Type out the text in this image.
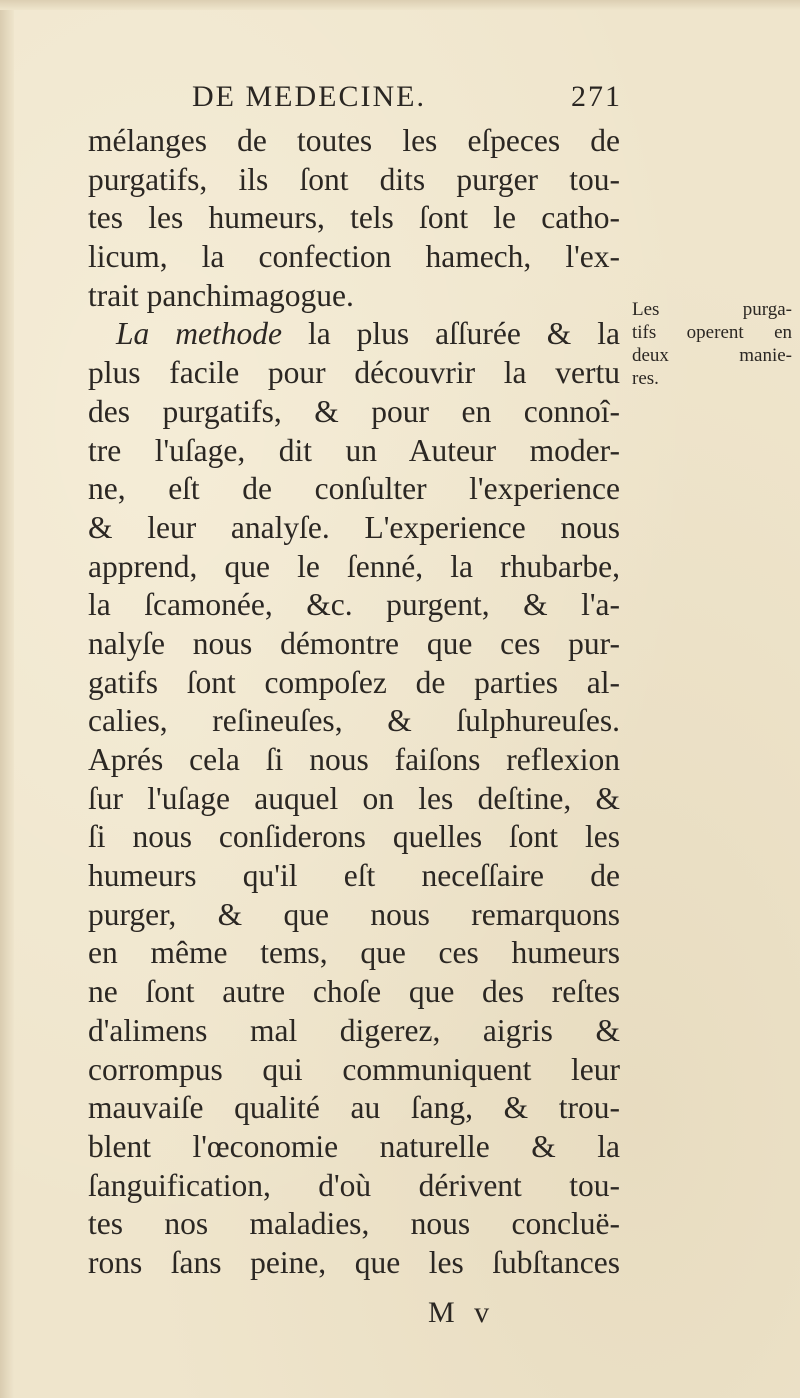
DE MEDECINE.	271
mélanges de toutes les eſpeces de
purgatifs, ils ſont dits purger tou-
tes les humeurs, tels ſont le catho-
licum, la confection hamech, l'ex-
trait panchimagogue.
La methode la plus aſſurée & la
plus facile pour découvrir la vertu
des purgatifs, & pour en connoî-
tre l'uſage, dit un Auteur moder-
ne, eſt de conſulter l'experience
& leur analyſe. L'experience nous
apprend, que le ſenné, la rhubarbe,
la ſcamonée, &c. purgent, & l'a-
nalyſe nous démontre que ces pur-
gatifs ſont compoſez de parties al-
calies, reſineuſes, & ſulphureuſes.
Aprés cela ſi nous faiſons reflexion
ſur l'uſage auquel on les deſtine, &
ſi nous conſiderons quelles ſont les
humeurs qu'il eſt neceſſaire de
purger, & que nous remarquons
en même tems, que ces humeurs
ne ſont autre choſe que des reſtes
d'alimens mal digerez, aigris &
corrompus qui communiquent leur
mauvaiſe qualité au ſang, & trou-
blent l'œconomie naturelle & la
ſanguification, d'où dérivent tou-
tes nos maladies, nous concluë-
rons ſans peine, que les ſubſtances
Les purga-
tifs operent en
deux manie-
res.
M v
